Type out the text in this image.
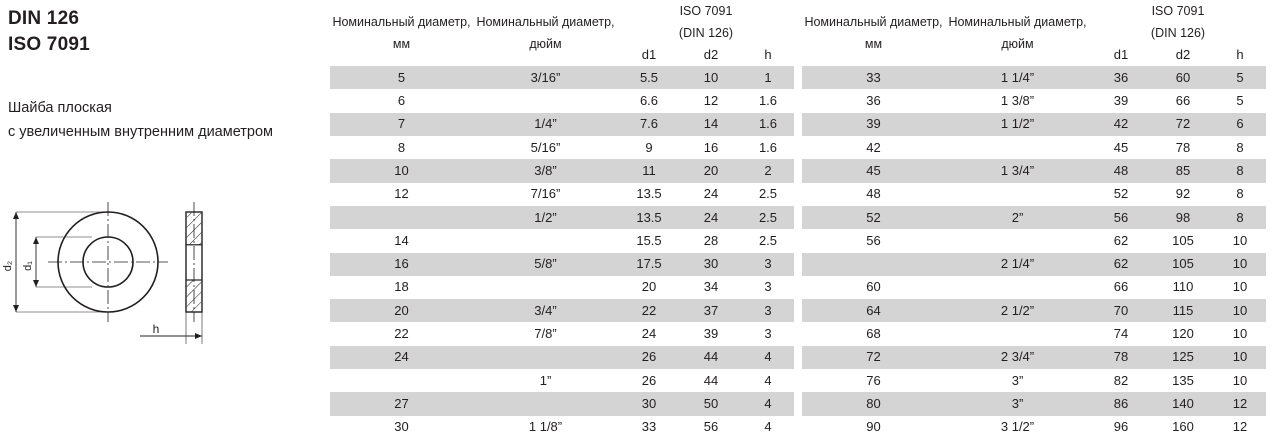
DIN 126
ISO 7091
Шайба плоская
с увеличенным внутренним диаметром
d₂ d₁
h
Номинальный диаметр, мм	Номинальный диаметр, дюйм	ISO 7091
(DIN 126)		

		d1	d2	h
5	3/16”	5.5	10	1
6		6.6	12	1.6
7	1/4”	7.6	14	1.6
8	5/16”	9	16	1.6
10	3/8”	11	20	2
12	7/16”	13.5	24	2.5
	1/2”	13.5	24	2.5
14		15.5	28	2.5
16	5/8”	17.5	30	3
18		20	34	3
20	3/4”	22	37	3
22	7/8”	24	39	3
24		26	44	4
	1”	26	44	4
27		30	50	4
30	1 1/8”	33	56	4
Номинальный диаметр, мм	Номинальный диаметр, дюйм	ISO 7091
(DIN 126)		

		d1	d2	h
33	1 1/4”	36	60	5
36	1 3/8”	39	66	5
39	1 1/2”	42	72	6
42		45	78	8
45	1 3/4”	48	85	8
48		52	92	8
52	2”	56	98	8
56		62	105	10
	2 1/4”	62	105	10
60		66	110	10
64	2 1/2”	70	115	10
68		74	120	10
72	2 3/4”	78	125	10
76	3”	82	135	10
80	3”	86	140	12
90	3 1/2”	96	160	12
